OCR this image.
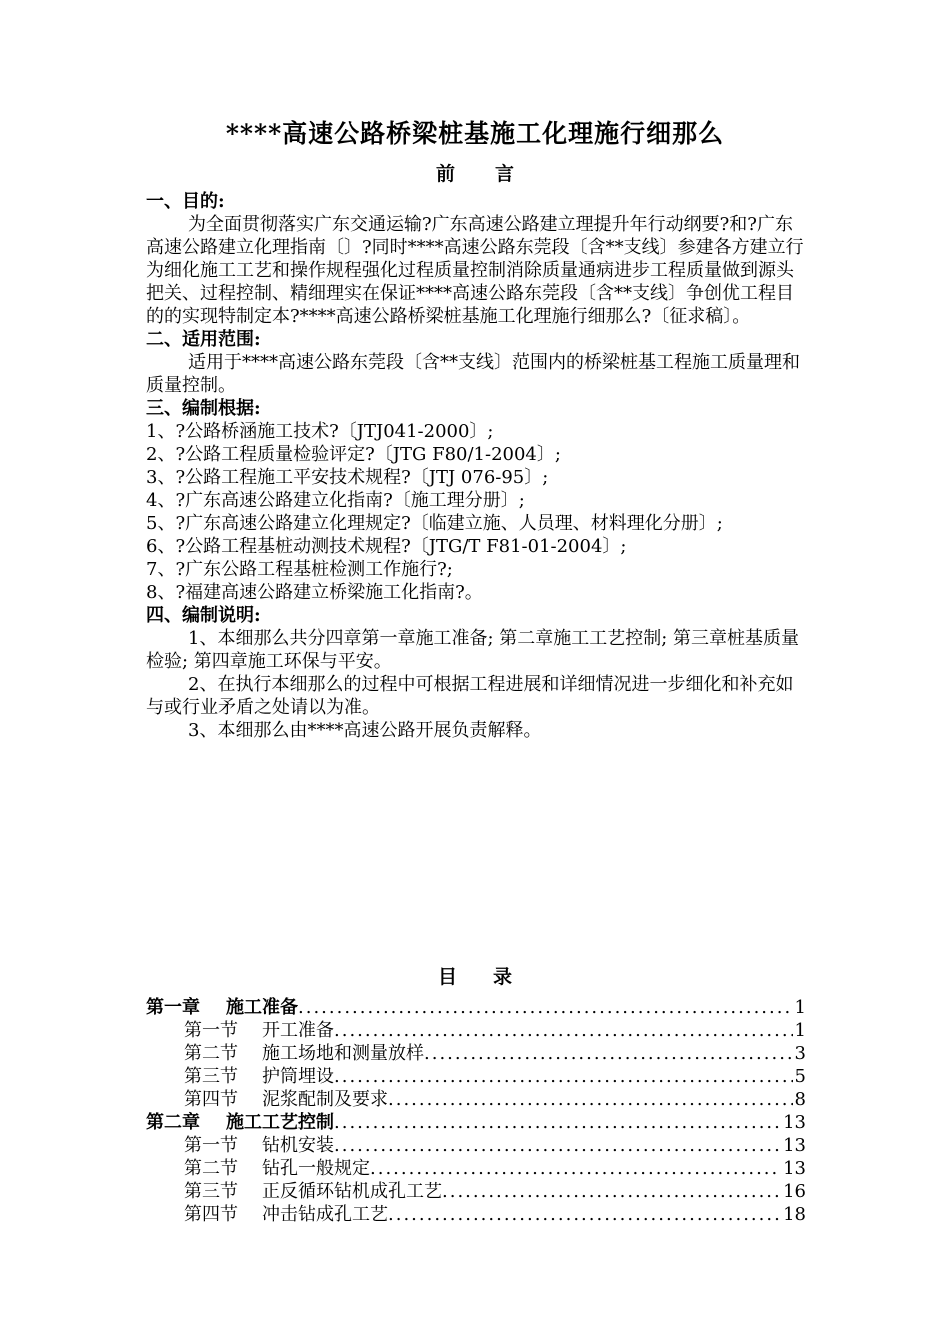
****高速公路桥梁桩基施工化理施行细那么
前言

一、目的:

为全面贯彻落实广东交通运输?广东高速公路建立理提升年行动纲要?和?广东高速公路建立化理指南〔〕?同时****高速公路东莞段〔含**支线〕参建各方建立行为细化施工工艺和操作规程强化过程质量控制消除质量通病进步工程质量做到源头把关、过程控制、精细理实在保证****高速公路东莞段〔含**支线〕争创优工程目的的实现特制定本?****高速公路桥梁桩基施工化理施行细那么?〔征求稿〕。

二、适用范围:

适用于****高速公路东莞段〔含**支线〕范围内的桥梁桩基工程施工质量理和质量控制。

三、编制根据:

1、?公路桥涵施工技术?〔JTJ041-2000〕;

2、?公路工程质量检验评定?〔JTG F80/1-2004〕;

3、?公路工程施工平安技术规程?〔JTJ 076-95〕;

4、?广东高速公路建立化指南?〔施工理分册〕;

5、?广东高速公路建立化理规定?〔临建立施、人员理、材料理化分册〕;

6、?公路工程基桩动测技术规程?〔JTG/T F81-01-2004〕;

7、?广东公路工程基桩检测工作施行?;

8、?福建高速公路建立桥梁施工化指南?。

四、编制说明:

1、本细那么共分四章第一章施工准备; 第二章施工工艺控制; 第三章桩基质量检验; 第四章施工环保与平安。

2、在执行本细那么的过程中可根据工程进展和详细情况进一步细化和补充如与或行业矛盾之处请以为准。

3、本细那么由****高速公路开展负责解释。

目录
第一章 施工准备 .....	1
第一节 开工准备 .....	1
第二节 施工场地和测量放样 .....	3
第三节 护筒埋设 .....	5
第四节 泥浆配制及要求 .....	8
第二章 施工工艺控制 .....	13
第一节 钻机安装 .....	13
第二节 钻孔一般规定 .....	13
第三节 正反循环钻机成孔工艺 .....	16
第四节 冲击钻成孔工艺 .....	18
